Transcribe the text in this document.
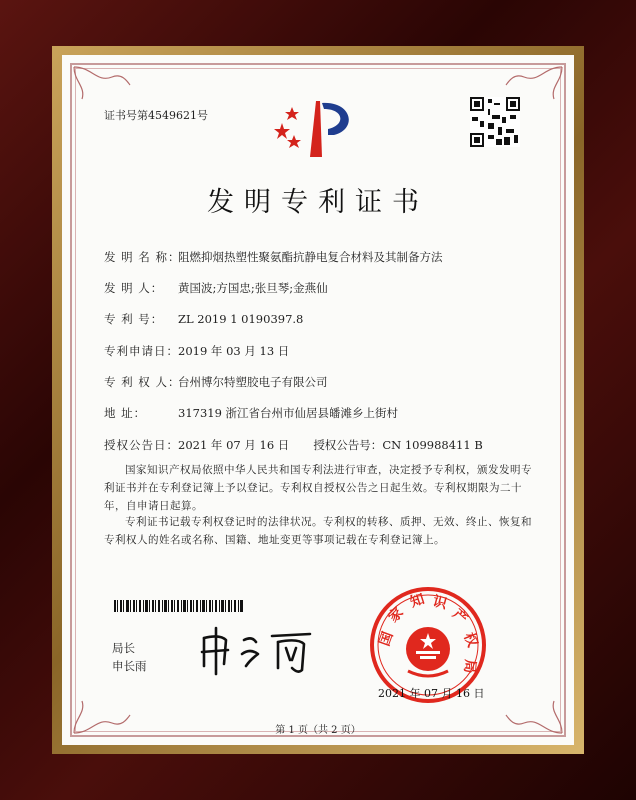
证书号第4549621号
发明专利证书
发 明 名 称：阻燃抑烟热塑性聚氨酯抗静电复合材料及其制备方法
发 明 人： 黄国波;方国忠;张旦琴;金燕仙
专 利 号： ZL 2019 1 0190397.8
专利申请日：2019 年 03 月 13 日
专 利 权 人：台州博尔特塑胶电子有限公司
地 址：	317319 浙江省台州市仙居县皤滩乡上街村
授权公告日：2021 年 07 月 16 日 授权公告号：CN 109988411 B
国家知识产权局依照中华人民共和国专利法进行审查，决定授予专利权，颁发发明专利证书并在专利登记簿上予以登记。专利权自授权公告之日起生效。专利权期限为二十年，自申请日起算。
专利证书记载专利权登记时的法律状况。专利权的转移、质押、无效、终止、恢复和专利权人的姓名或名称、国籍、地址变更等事项记载在专利登记簿上。
局长
申长雨
国
家
知 识
产
权
局
2021 年 07 月 16 日
第 1 页（共 2 页）
